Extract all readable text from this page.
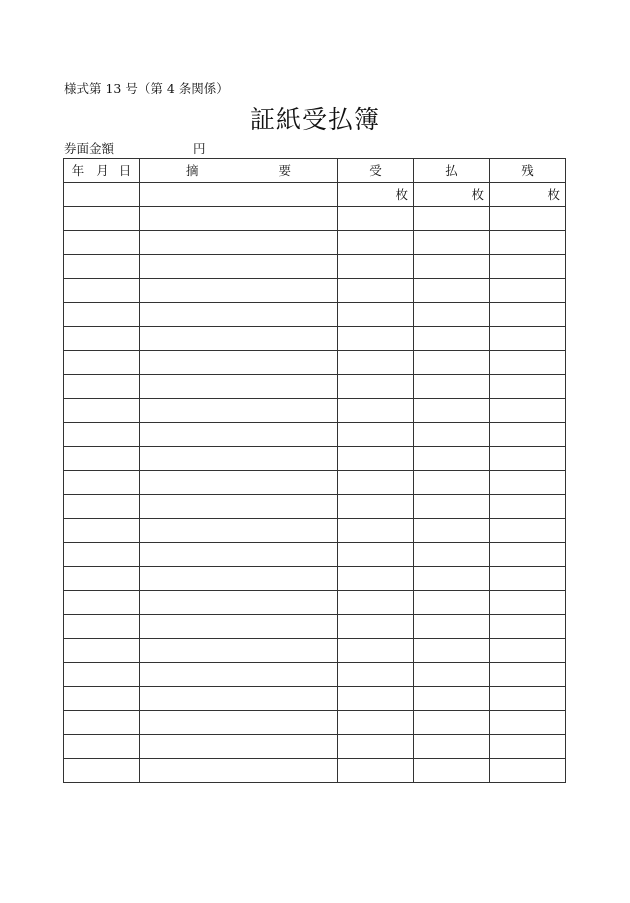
様式第 13 号（第 4 条関係）
証紙受払簿
券面金額	円
年 月 日	摘 要	受	払	残
		枚	枚	枚
